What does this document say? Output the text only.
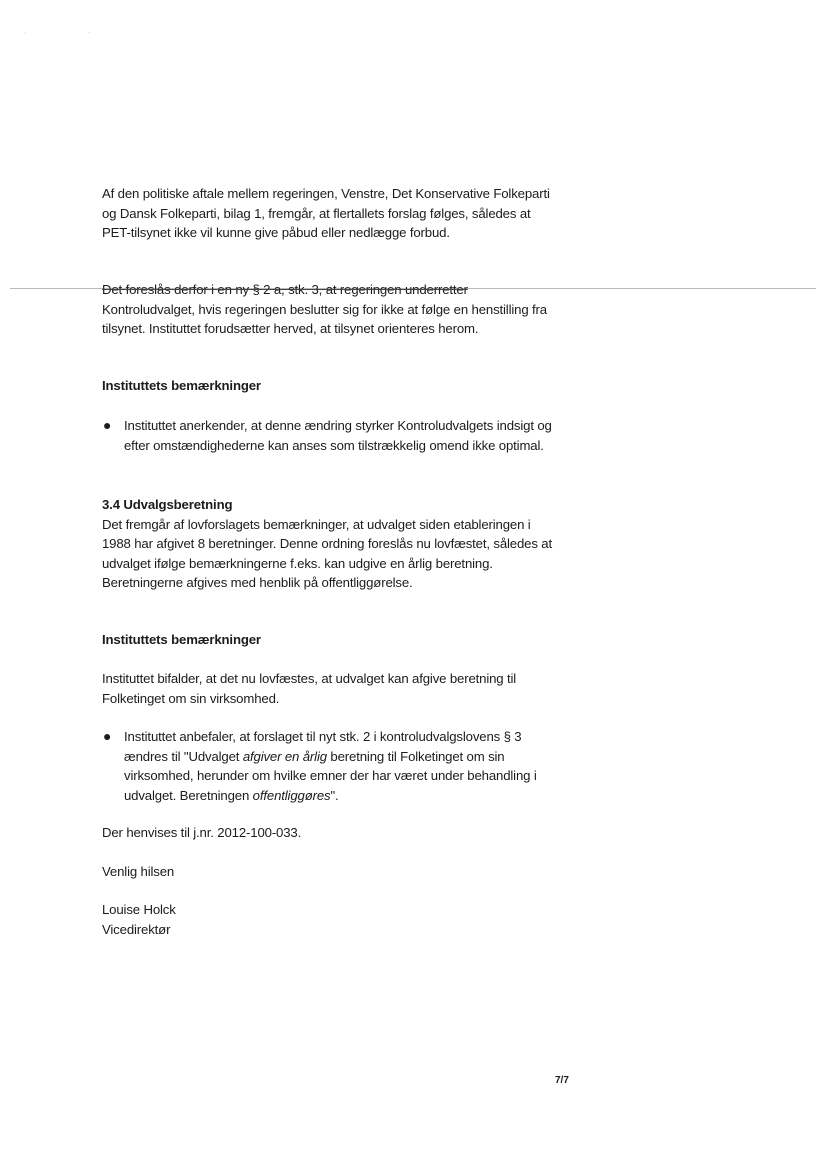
·	·

Af den politiske aftale mellem regeringen, Venstre, Det Konservative Folkeparti og Dansk Folkeparti, bilag 1, fremgår, at flertallets forslag følges, således at PET-tilsynet ikke vil kunne give påbud eller nedlægge forbud.

Det foreslås derfor i en ny § 2 a, stk. 3, at regeringen underretter Kontroludvalget, hvis regeringen beslutter sig for ikke at følge en henstilling fra tilsynet. Instituttet forudsætter herved, at tilsynet orienteres herom.

Instituttets bemærkninger

● Instituttet anerkender, at denne ændring styrker Kontroludvalgets indsigt og efter omstændighederne kan anses som tilstrækkelig omend ikke optimal.

3.4 Udvalgsberetning

Det fremgår af lovforslagets bemærkninger, at udvalget siden etableringen i 1988 har afgivet 8 beretninger. Denne ordning foreslås nu lovfæstet, således at udvalget ifølge bemærkningerne f.eks. kan udgive en årlig beretning. Beretningerne afgives med henblik på offentliggørelse.

Instituttets bemærkninger

Instituttet bifalder, at det nu lovfæstes, at udvalget kan afgive beretning til Folketinget om sin virksomhed.

● Instituttet anbefaler, at forslaget til nyt stk. 2 i kontroludvalgslovens § 3 ændres til "Udvalget afgiver en årlig beretning til Folketinget om sin virksomhed, herunder om hvilke emner der har været under behandling i udvalget. Beretningen offentliggøres".

Der henvises til j.nr. 2012-100-033.

Venlig hilsen

Louise Holck

Vicedirektør

7/7
